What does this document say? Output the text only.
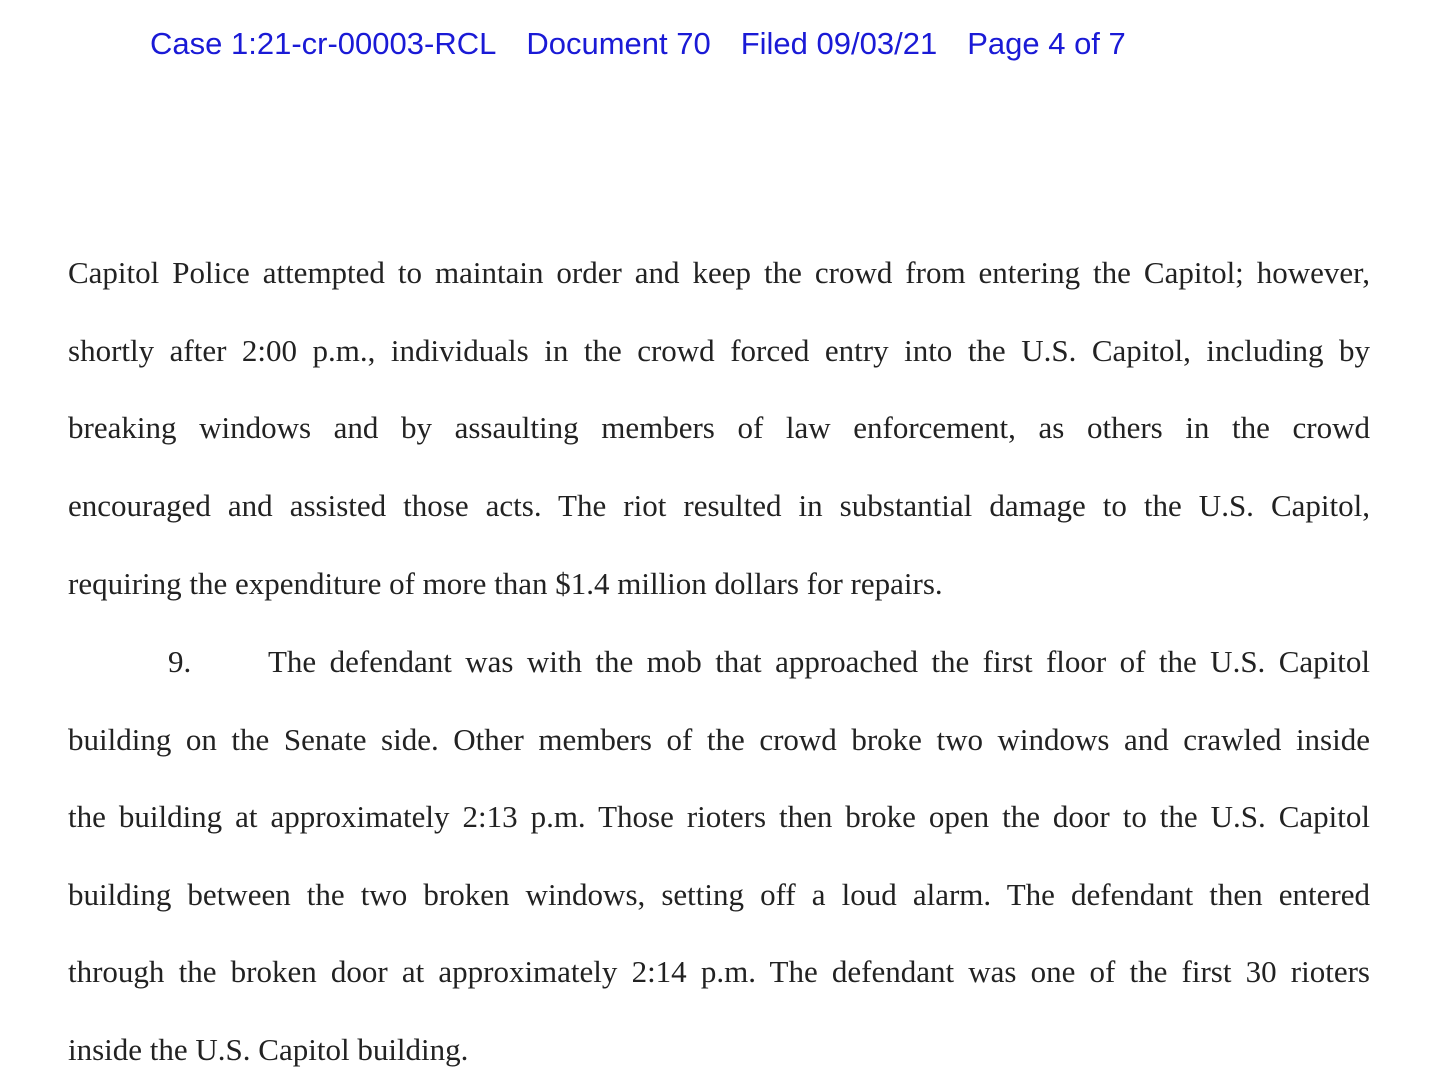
Case 1:21-cr-00003-RCL Document 70 Filed 09/03/21 Page 4 of 7
Capitol Police attempted to maintain order and keep the crowd from entering the Capitol; however,
shortly after 2:00 p.m., individuals in the crowd forced entry into the U.S. Capitol, including by
breaking windows and by assaulting members of law enforcement, as others in the crowd
encouraged and assisted those acts. The riot resulted in substantial damage to the U.S. Capitol,
requiring the expenditure of more than $1.4 million dollars for repairs.
9. The defendant was with the mob that approached the first floor of the U.S. Capitol
building on the Senate side. Other members of the crowd broke two windows and crawled inside
the building at approximately 2:13 p.m. Those rioters then broke open the door to the U.S. Capitol
building between the two broken windows, setting off a loud alarm. The defendant then entered
through the broken door at approximately 2:14 p.m. The defendant was one of the first 30 rioters
inside the U.S. Capitol building.
